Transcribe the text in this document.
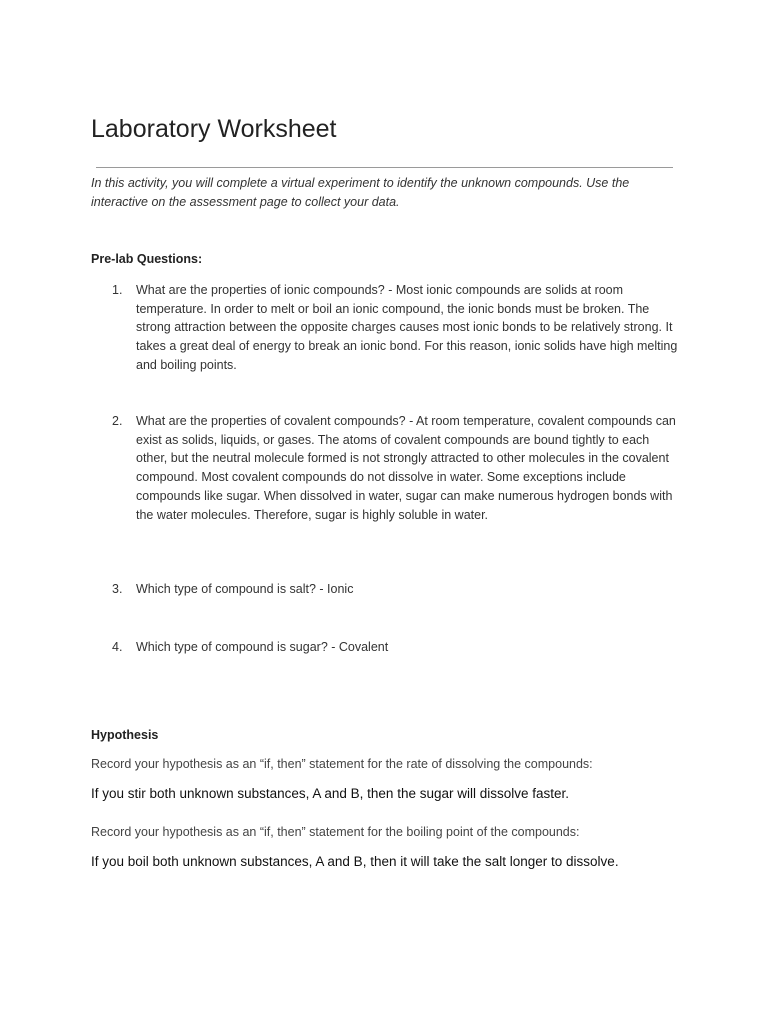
Laboratory Worksheet

In this activity, you will complete a virtual experiment to identify the unknown compounds. Use the interactive on the assessment page to collect your data.

Pre-lab Questions:
1.	What are the properties of ionic compounds? - Most ionic compounds are solids at room temperature. In order to melt or boil an ionic compound, the ionic bonds must be broken. The strong attraction between the opposite charges causes most ionic bonds to be relatively strong. It takes a great deal of energy to break an ionic bond. For this reason, ionic solids have high melting and boiling points.
2.	What are the properties of covalent compounds? - At room temperature, covalent compounds can exist as solids, liquids, or gases. The atoms of covalent compounds are bound tightly to each other, but the neutral molecule formed is not strongly attracted to other molecules in the covalent compound. Most covalent compounds do not dissolve in water. Some exceptions include compounds like sugar. When dissolved in water, sugar can make numerous hydrogen bonds with the water molecules. Therefore, sugar is highly soluble in water.
3.	Which type of compound is salt? - Ionic
4.	Which type of compound is sugar? - Covalent
Hypothesis

Record your hypothesis as an “if, then” statement for the rate of dissolving the compounds:

If you stir both unknown substances, A and B, then the sugar will dissolve faster.

Record your hypothesis as an “if, then” statement for the boiling point of the compounds:

If you boil both unknown substances, A and B, then it will take the salt longer to dissolve.
